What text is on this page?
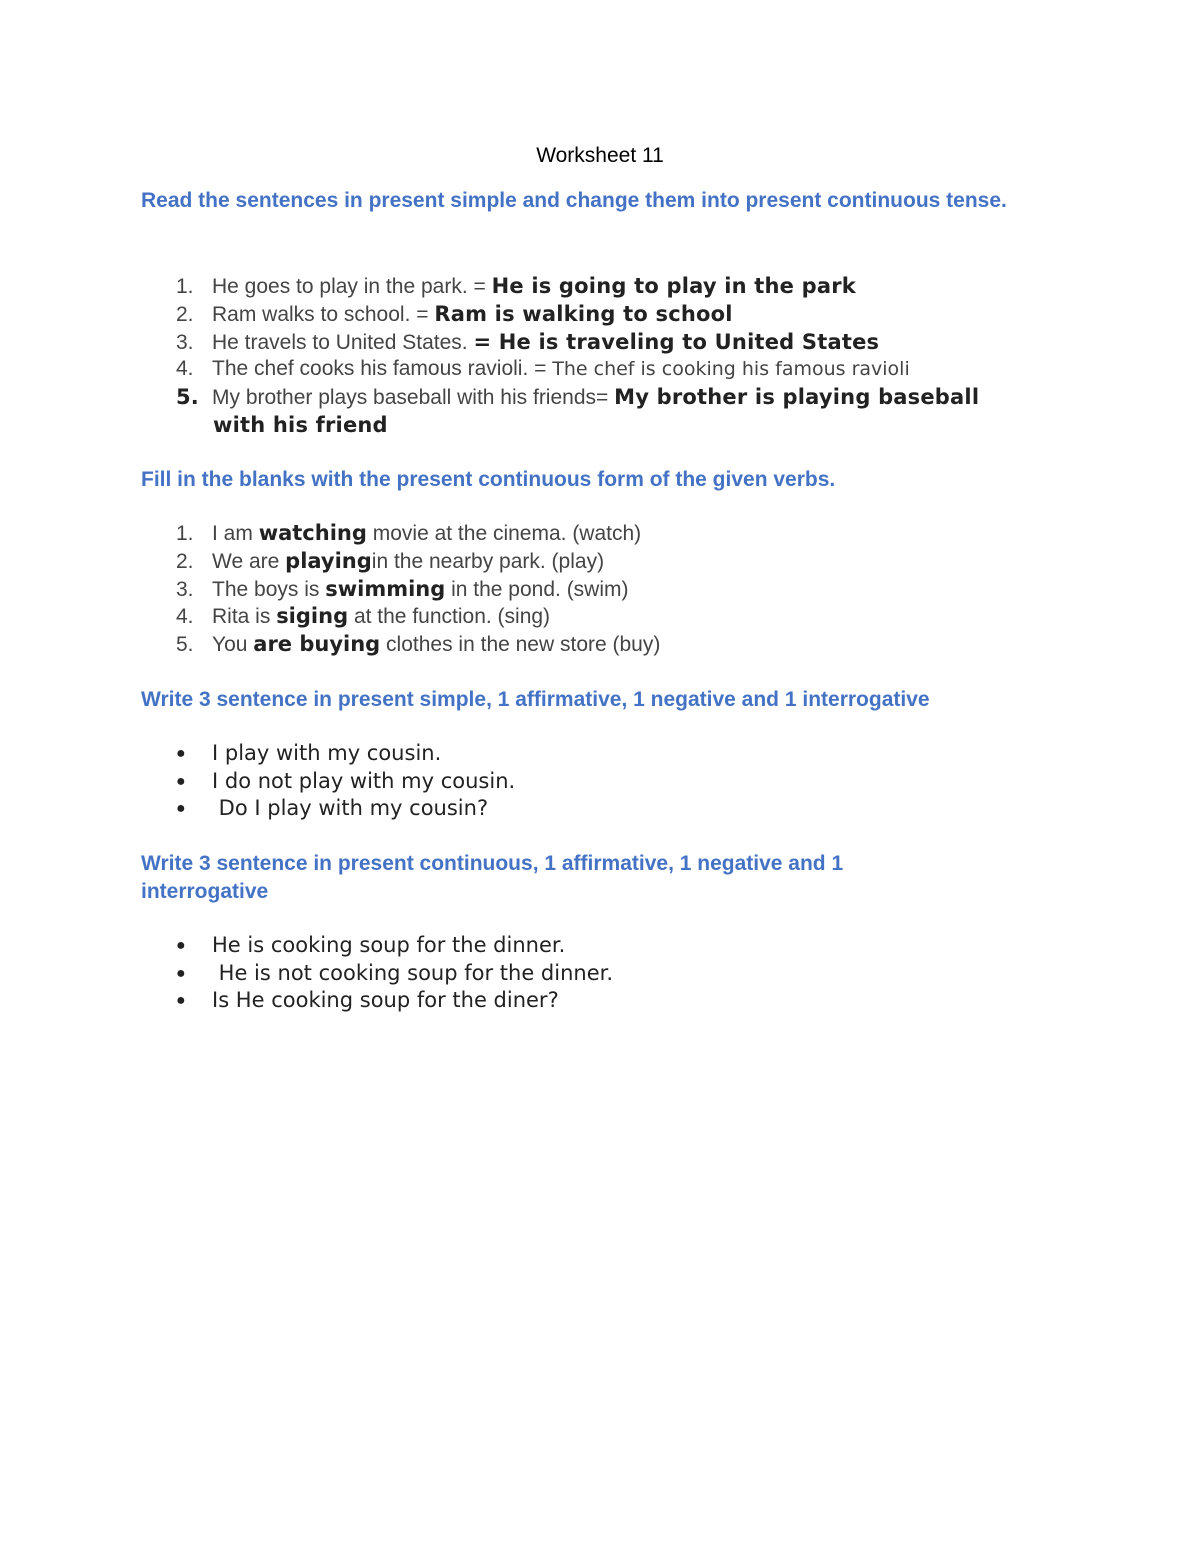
Worksheet 11
Read the sentences in present simple and change them into present continuous tense.
1. He goes to play in the park. = He is going to play in the park
2. Ram walks to school. = Ram is walking to school
3. He travels to United States. = He is traveling to United States
4. The chef cooks his famous ravioli. = The chef is cooking his famous ravioli
5. My brother plays baseball with his friends= My brother is playing baseball
with his friend
Fill in the blanks with the present continuous form of the given verbs.
1. I am watching movie at the cinema. (watch)
2. We are playingin the nearby park. (play)
3. The boys is swimming in the pond. (swim)
4. Rita is siging at the function. (sing)
5. You are buying clothes in the new store (buy)
Write 3 sentence in present simple, 1 affirmative, 1 negative and 1 interrogative
● I play with my cousin.
● I do not play with my cousin.
● Do I play with my cousin?
Write 3 sentence in present continuous, 1 affirmative, 1 negative and 1
interrogative
● He is cooking soup for the dinner.
● He is not cooking soup for the dinner.
● Is He cooking soup for the diner?
